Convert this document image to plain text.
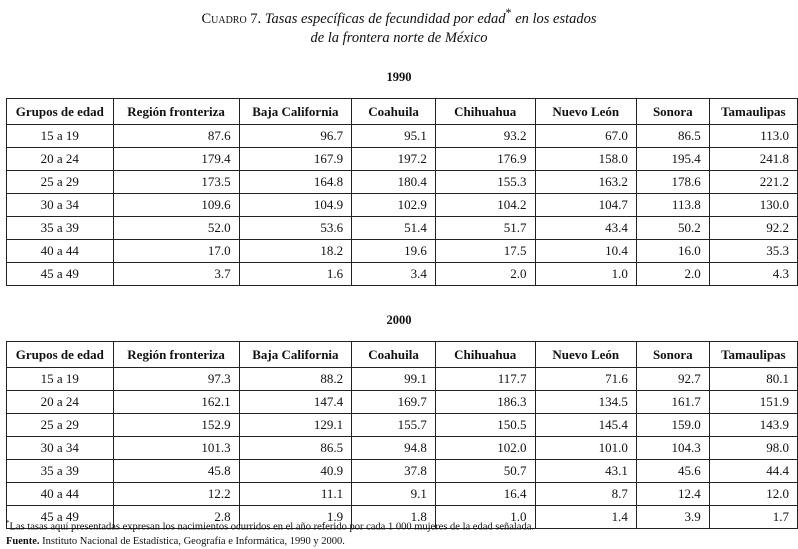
Cuadro 7. Tasas específicas de fecundidad por edad* en los estados
de la frontera norte de México
1990
Grupos de edad	Región fronteriza	Baja California	Coahuila	Chihuahua	Nuevo León	Sonora	Tamaulipas
15 a 19	87.6	96.7	95.1	93.2	67.0	86.5	113.0
20 a 24	179.4	167.9	197.2	176.9	158.0	195.4	241.8
25 a 29	173.5	164.8	180.4	155.3	163.2	178.6	221.2
30 a 34	109.6	104.9	102.9	104.2	104.7	113.8	130.0
35 a 39	52.0	53.6	51.4	51.7	43.4	50.2	92.2
40 a 44	17.0	18.2	19.6	17.5	10.4	16.0	35.3
45 a 49	3.7	1.6	3.4	2.0	1.0	2.0	4.3
2000
Grupos de edad	Región fronteriza	Baja California	Coahuila	Chihuahua	Nuevo León	Sonora	Tamaulipas
15 a 19	97.3	88.2	99.1	117.7	71.6	92.7	80.1
20 a 24	162.1	147.4	169.7	186.3	134.5	161.7	151.9
25 a 29	152.9	129.1	155.7	150.5	145.4	159.0	143.9
30 a 34	101.3	86.5	94.8	102.0	101.0	104.3	98.0
35 a 39	45.8	40.9	37.8	50.7	43.1	45.6	44.4
40 a 44	12.2	11.1	9.1	16.4	8.7	12.4	12.0
45 a 49	2.8	1.9	1.8	1.0	1.4	3.9	1.7
*Las tasas aquí presentadas expresan los nacimientos ocurridos en el año referido por cada 1 000 mujeres de la edad señalada.
Fuente. Instituto Nacional de Estadística, Geografía e Informática, 1990 y 2000.
